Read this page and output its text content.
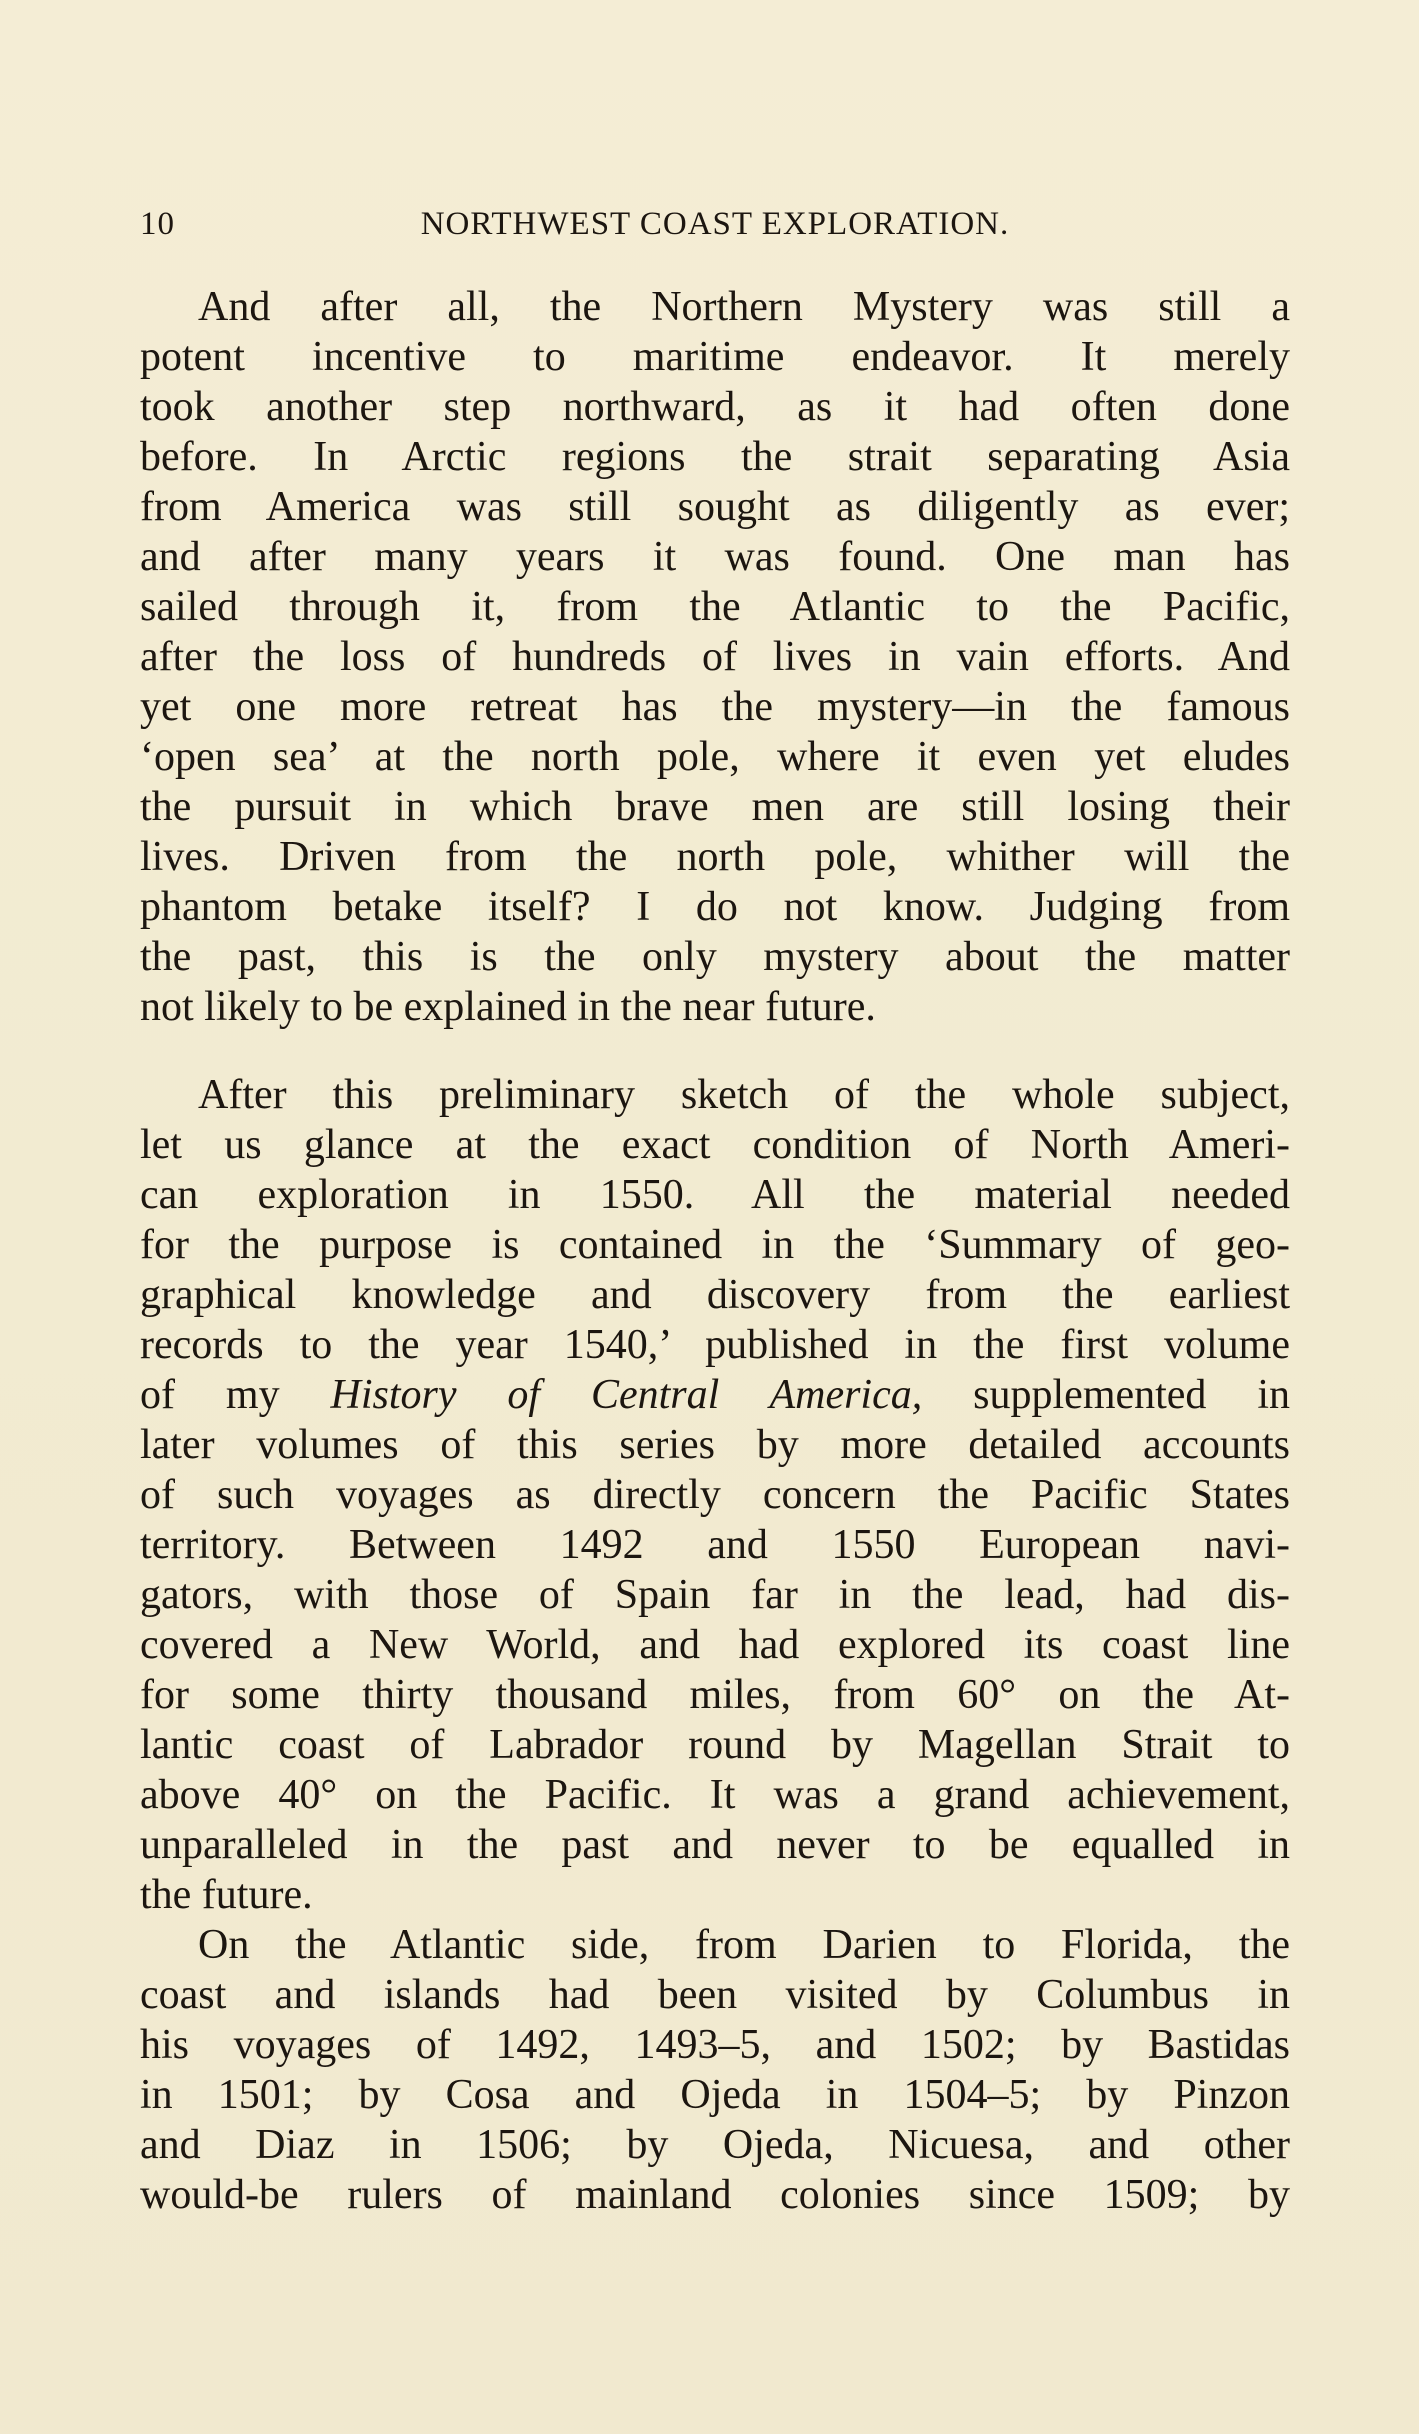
10	NORTHWEST COAST EXPLORATION.
And after all, the Northern Mystery was still a
potent incentive to maritime endeavor. It merely
took another step northward, as it had often done
before. In Arctic regions the strait separating Asia
from America was still sought as diligently as ever;
and after many years it was found. One man has
sailed through it, from the Atlantic to the Pacific,
after the loss of hundreds of lives in vain efforts. And
yet one more retreat has the mystery—in the famous
‘open sea’ at the north pole, where it even yet eludes
the pursuit in which brave men are still losing their
lives. Driven from the north pole, whither will the
phantom betake itself? I do not know. Judging from
the past, this is the only mystery about the matter
not likely to be explained in the near future.
After this preliminary sketch of the whole subject,
let us glance at the exact condition of North Ameri-
can exploration in 1550. All the material needed
for the purpose is contained in the ‘Summary of geo-
graphical knowledge and discovery from the earliest
records to the year 1540,’ published in the first volume
of my History of Central America, supplemented in
later volumes of this series by more detailed accounts
of such voyages as directly concern the Pacific States
territory. Between 1492 and 1550 European navi-
gators, with those of Spain far in the lead, had dis-
covered a New World, and had explored its coast line
for some thirty thousand miles, from 60° on the At-
lantic coast of Labrador round by Magellan Strait to
above 40° on the Pacific. It was a grand achievement,
unparalleled in the past and never to be equalled in
the future.
On the Atlantic side, from Darien to Florida, the
coast and islands had been visited by Columbus in
his voyages of 1492, 1493–5, and 1502; by Bastidas
in 1501; by Cosa and Ojeda in 1504–5; by Pinzon
and Diaz in 1506; by Ojeda, Nicuesa, and other
would-be rulers of mainland colonies since 1509; by
